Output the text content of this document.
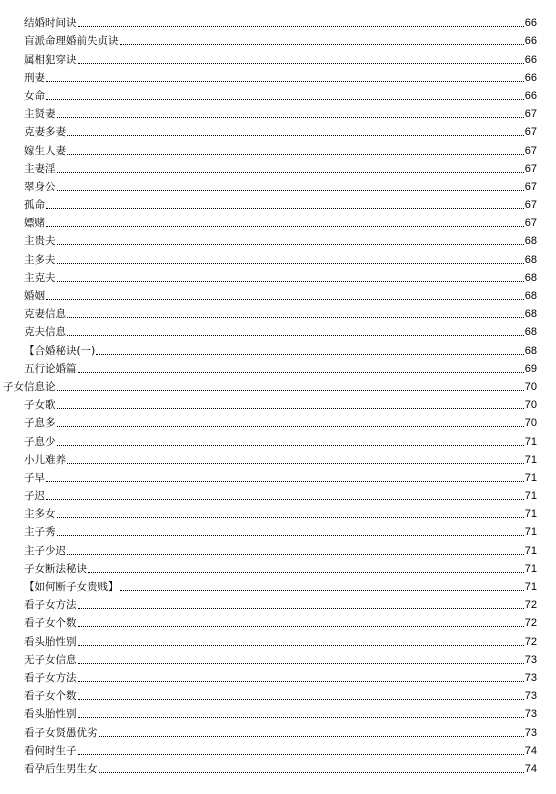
结婚时间诀	66
盲派命理婚前失贞诀	66
属相犯穿诀	66
刑妻	66
女命	66
主贤妻	67
克妻多妻	67
嫁生人妻	67
主妻淫	67
翠身公	67
孤命	67
嫖赌	67
主贵夫	68
主多夫	68
主克夫	68
婚姻	68
克妻信息	68
克夫信息	68
【合婚秘诀(一)	68
五行论婚篇	69
子女信息论	70
子女歌	70
子息多	70
子息少	71
小儿难养	71
子早	71
子迟	71
主多女	71
主子秀	71
主子少迟	71
子女断法秘诀	71
【如何断子女贵贱】	71
看子女方法	72
看子女个数	72
看头胎性别	72
无子女信息	73
看子女方法	73
看子女个数	73
看头胎性别	73
看子女贤愚优劣	73
看何时生子	74
看孕后生男生女	74
